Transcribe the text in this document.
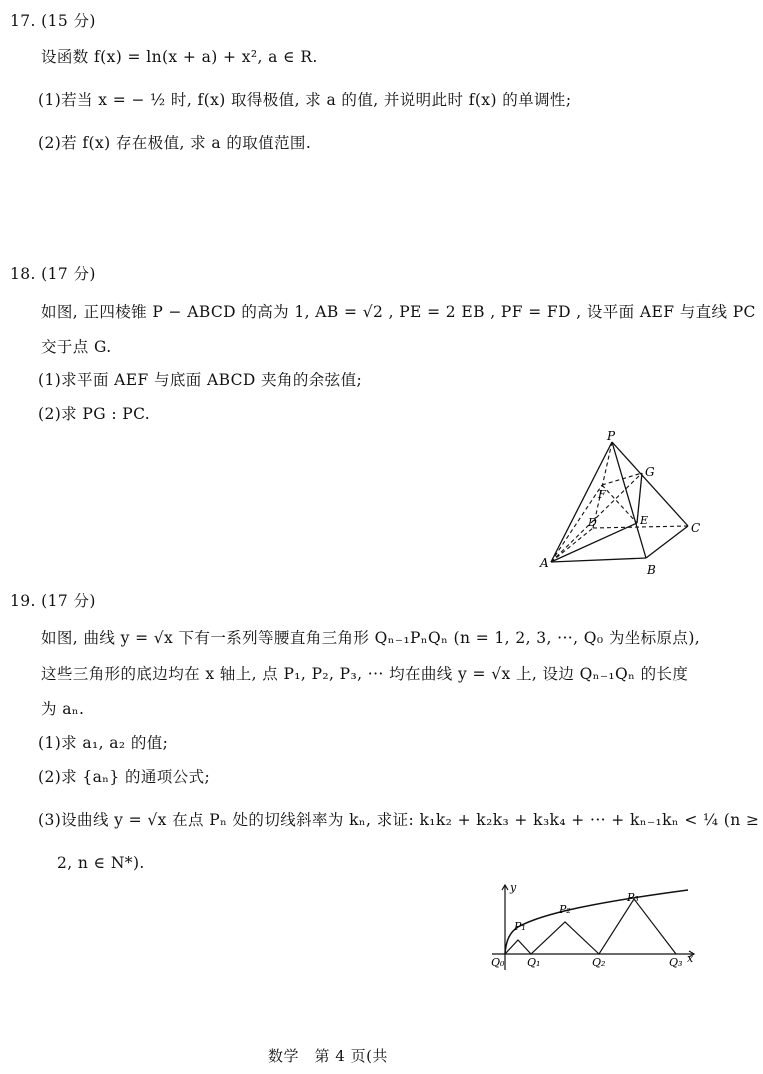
17. (15 分)
设函数 f(x) = ln(x + a) + x², a ∈ R.
(1)若当 x = − ½ 时, f(x) 取得极值, 求 a 的值, 并说明此时 f(x) 的单调性;
(2)若 f(x) 存在极值, 求 a 的取值范围.
18. (17 分)
如图, 正四棱锥 P − ABCD 的高为 1, AB = √2 , PE = 2 EB , PF = FD , 设平面 AEF 与直线 PC
交于点 G.
(1)求平面 AEF 与底面 ABCD 夹角的余弦值;
(2)求 PG : PC.
P
G
F
D	E
C
A	B
19. (17 分)
如图, 曲线 y = √x 下有一系列等腰直角三角形 Qₙ₋₁PₙQₙ (n = 1, 2, 3, ···, Q₀ 为坐标原点),
这些三角形的底边均在 x 轴上, 点 P₁, P₂, P₃, ··· 均在曲线 y = √x 上, 设边 Qₙ₋₁Qₙ 的长度
为 aₙ.
(1)求 a₁, a₂ 的值;
(2)求 {aₙ} 的通项公式;
(3)设曲线 y = √x 在点 Pₙ 处的切线斜率为 kₙ, 求证: k₁k₂ + k₂k₃ + k₃k₄ + ··· + kₙ₋₁kₙ < ¼ (n ≥
2, n ∈ N*).
y
P₁
P₂
P₃
Q₀ Q₁	Q₂	Q₃ x
数学　第 4 页(共
